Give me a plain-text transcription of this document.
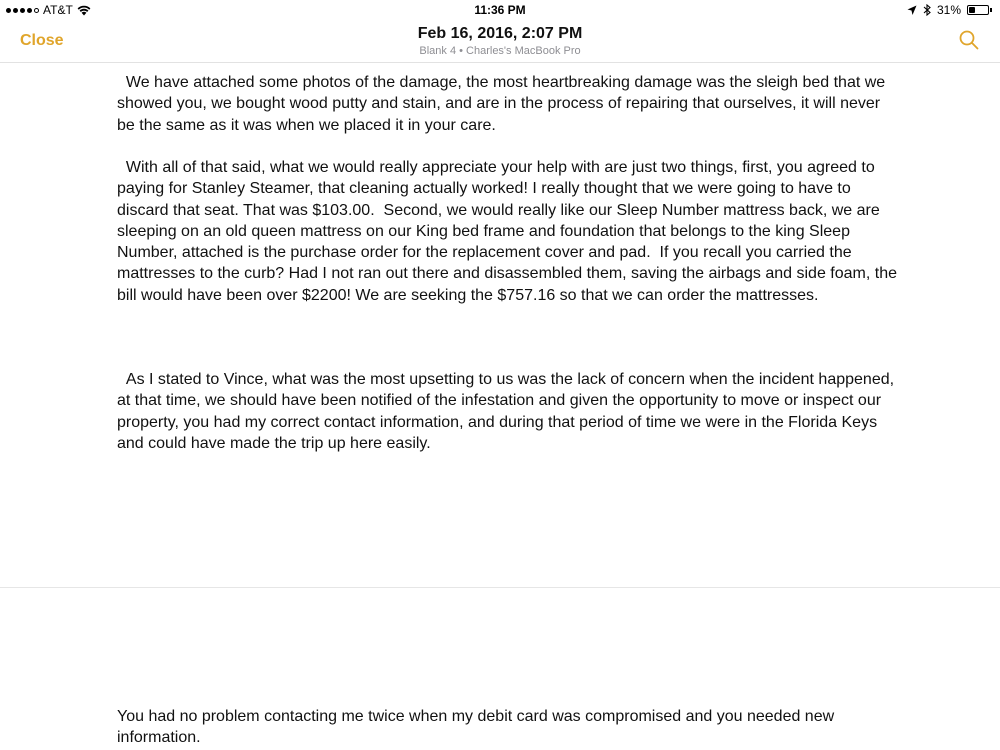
AT&T	11:36 PM	31%
Close	Feb 16, 2016, 2:07 PM
Blank 4 • Charles's MacBook Pro

We have attached some photos of the damage, the most heartbreaking damage was the sleigh bed that we showed you, we bought wood putty and stain, and are in the process of repairing that ourselves, it will never be the same as it was when we placed it in your care.

With all of that said, what we would really appreciate your help with are just two things, first, you agreed to paying for Stanley Steamer, that cleaning actually worked! I really thought that we were going to have to discard that seat. That was $103.00.  Second, we would really like our Sleep Number mattress back, we are sleeping on an old queen mattress on our King bed frame and foundation that belongs to the king Sleep Number, attached is the purchase order for the replacement cover and pad.  If you recall you carried the mattresses to the curb? Had I not ran out there and disassembled them, saving the airbags and side foam, the bill would have been over $2200! We are seeking the $757.16 so that we can order the mattresses.

As I stated to Vince, what was the most upsetting to us was the lack of concern when the incident happened, at that time, we should have been notified of the infestation and given the opportunity to move or inspect our property, you had my correct contact information, and during that period of time we were in the Florida Keys and could have made the trip up here easily.

You had no problem contacting me twice when my debit card was compromised and you needed new information.
